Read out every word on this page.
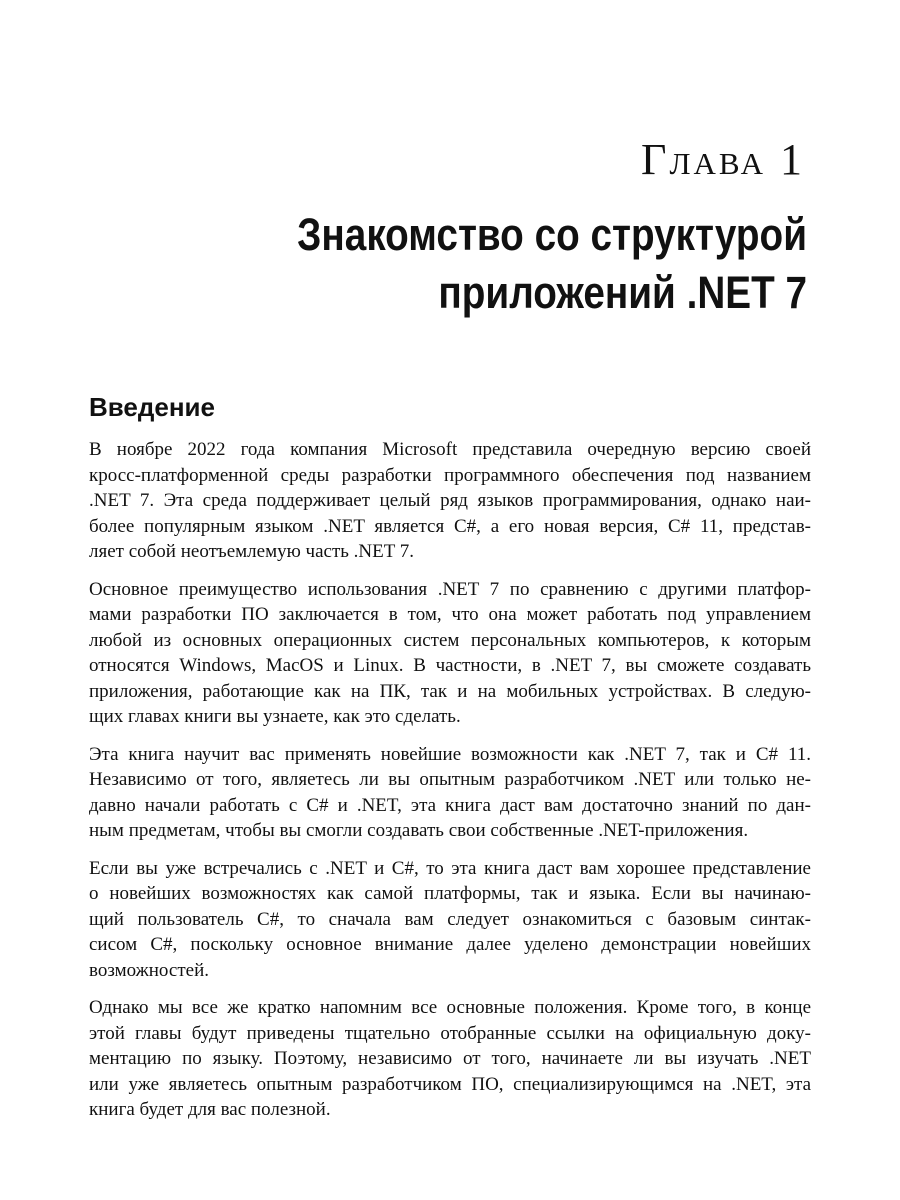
Глава 1
Знакомство со структурой
приложений .NET 7
Введение

В ноябре 2022 года компания Microsoft представила очередную версию своей
кросс-платформенной среды разработки программного обеспечения под названием
.NET 7. Эта среда поддерживает целый ряд языков программирования, однако наи-
более популярным языком .NET является C#, а его новая версия, C# 11, представ-
ляет собой неотъемлемую часть .NET 7.

Основное преимущество использования .NET 7 по сравнению с другими платфор-
мами разработки ПО заключается в том, что она может работать под управлением
любой из основных операционных систем персональных компьютеров, к которым
относятся Windows, MacOS и Linux. В частности, в .NET 7, вы сможете создавать
приложения, работающие как на ПК, так и на мобильных устройствах. В следую-
щих главах книги вы узнаете, как это сделать.

Эта книга научит вас применять новейшие возможности как .NET 7, так и C# 11.
Независимо от того, являетесь ли вы опытным разработчиком .NET или только не-
давно начали работать с C# и .NET, эта книга даст вам достаточно знаний по дан-
ным предметам, чтобы вы смогли создавать свои собственные .NET-приложения.

Если вы уже встречались с .NET и C#, то эта книга даст вам хорошее представление
о новейших возможностях как самой платформы, так и языка. Если вы начинаю-
щий пользователь C#, то сначала вам следует ознакомиться с базовым синтак-
сисом C#, поскольку основное внимание далее уделено демонстрации новейших
возможностей.

Однако мы все же кратко напомним все основные положения. Кроме того, в конце
этой главы будут приведены тщательно отобранные ссылки на официальную доку-
ментацию по языку. Поэтому, независимо от того, начинаете ли вы изучать .NET
или уже являетесь опытным разработчиком ПО, специализирующимся на .NET, эта
книга будет для вас полезной.
